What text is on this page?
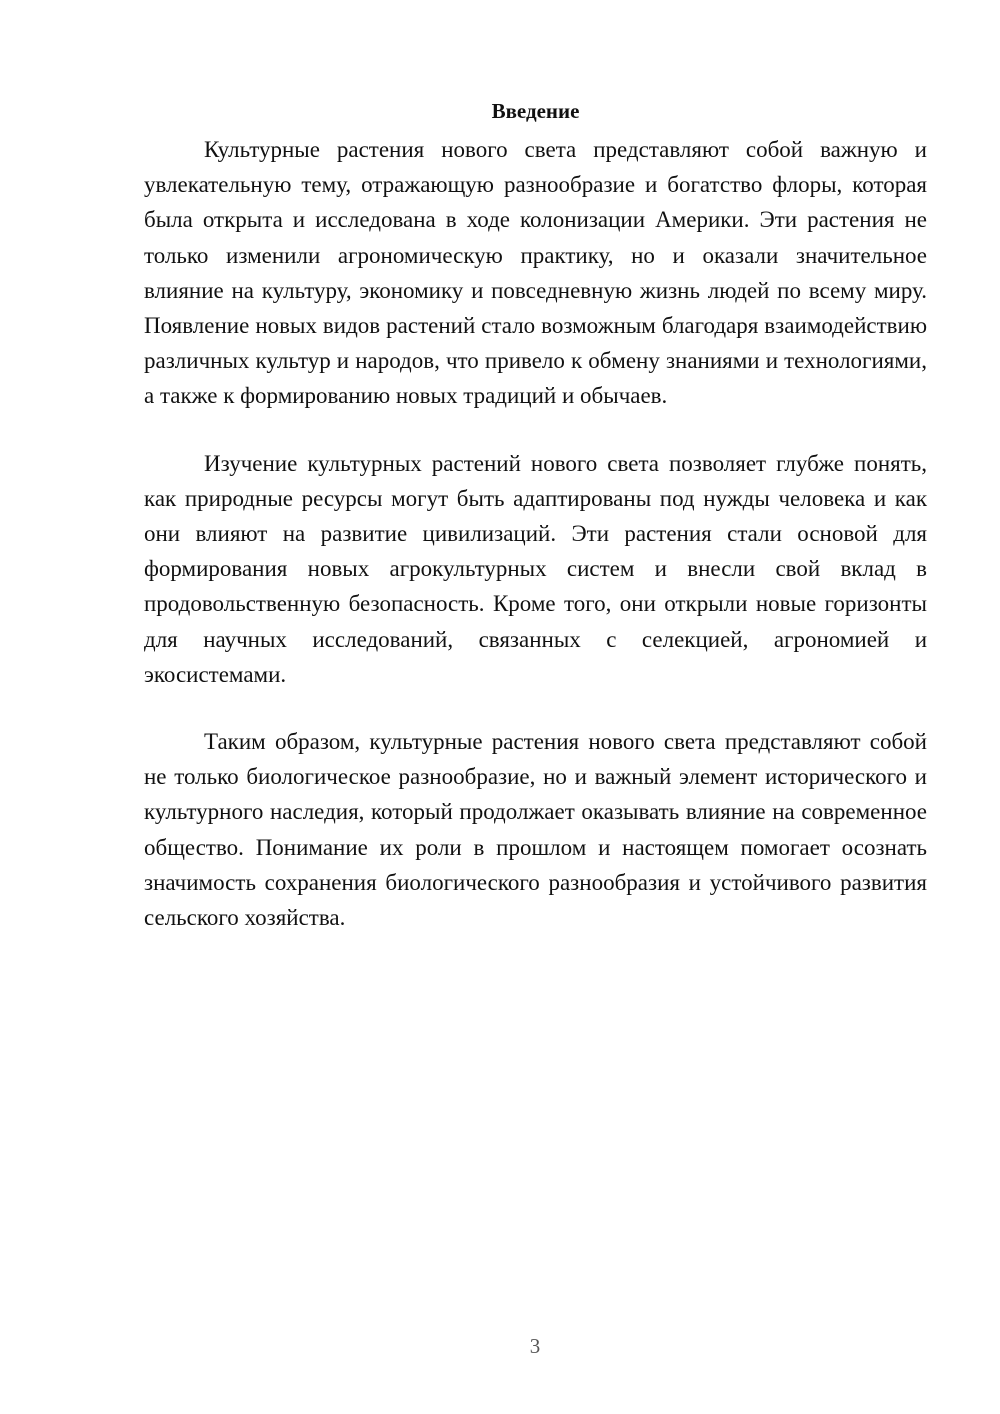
Введение

Культурные растения нового света представляют собой важную и увлекательную тему, отражающую разнообразие и богатство флоры, которая была открыта и исследована в ходе колонизации Америки. Эти растения не только изменили агрономическую практику, но и оказали значительное влияние на культуру, экономику и повседневную жизнь людей по всему миру. Появление новых видов растений стало возможным благодаря взаимодействию различных культур и народов, что привело к обмену знаниями и технологиями, а также к формированию новых традиций и обычаев.

Изучение культурных растений нового света позволяет глубже понять, как природные ресурсы могут быть адаптированы под нужды человека и как они влияют на развитие цивилизаций. Эти растения стали основой для формирования новых агрокультурных систем и внесли свой вклад в продовольственную безопасность. Кроме того, они открыли новые горизонты для научных исследований, связанных с селекцией, агрономией и экосистемами.

Таким образом, культурные растения нового света представляют собой не только биологическое разнообразие, но и важный элемент исторического и культурного наследия, который продолжает оказывать влияние на современное общество. Понимание их роли в прошлом и настоящем помогает осознать значимость сохранения биологического разнообразия и устойчивого развития сельского хозяйства.

3
